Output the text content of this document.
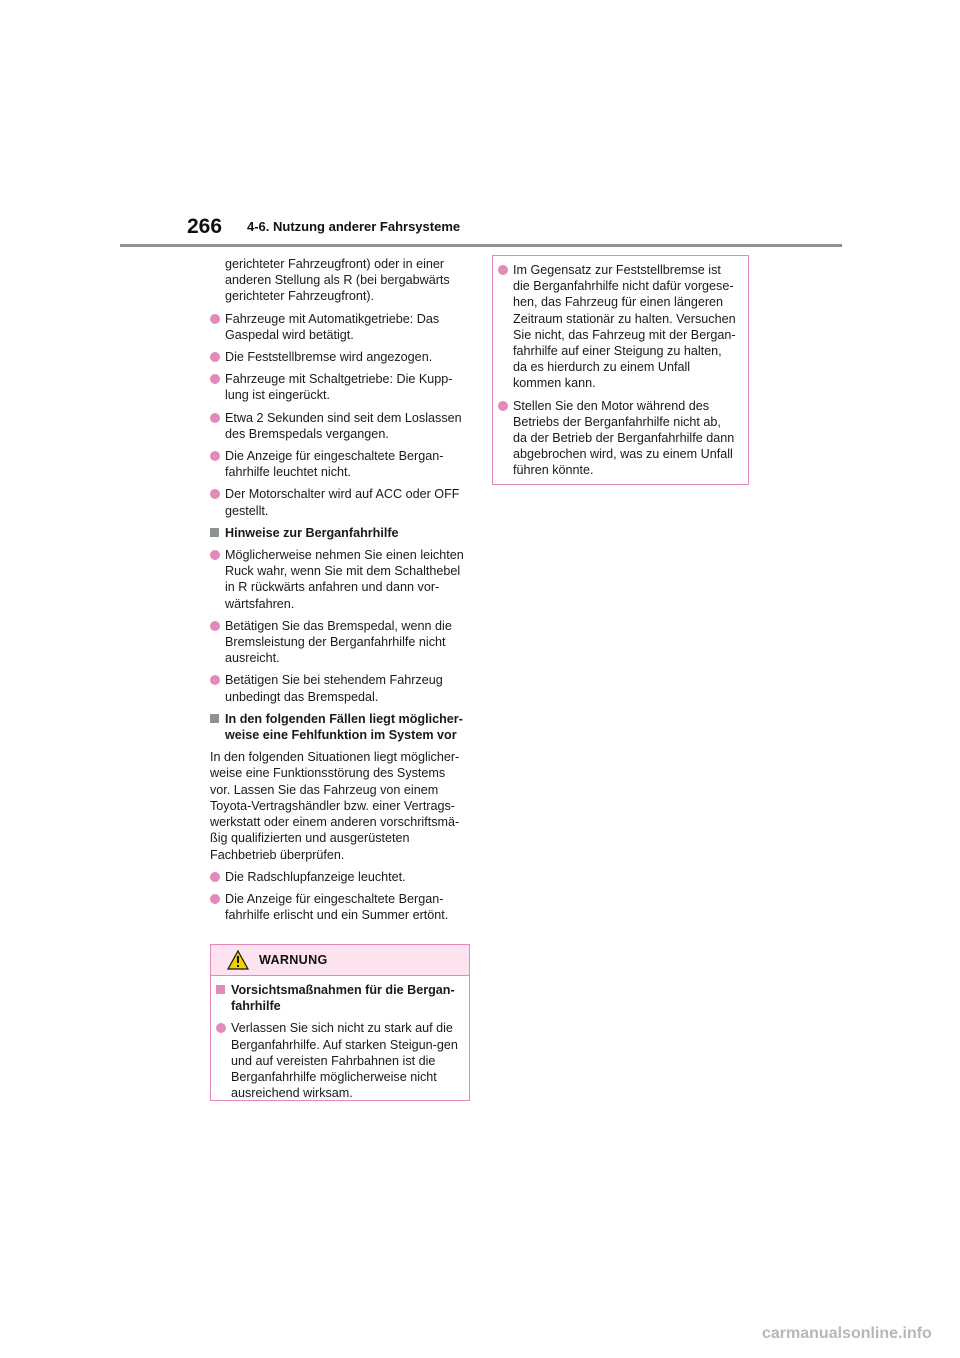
266 4-6. Nutzung anderer Fahrsysteme

gerichteter Fahrzeugfront) oder in einer anderen Stellung als R (bei bergabwärts gerichteter Fahrzeugfront).

Fahrzeuge mit Automatikgetriebe: Das Gaspedal wird betätigt.
Die Feststellbremse wird angezogen.
Fahrzeuge mit Schaltgetriebe: Die Kupp-lung ist eingerückt.
Etwa 2 Sekunden sind seit dem Loslassen des Bremspedals vergangen.
Die Anzeige für eingeschaltete Bergan-fahrhilfe leuchtet nicht.
Der Motorschalter wird auf ACC oder OFF gestellt.
Hinweise zur Berganfahrhilfe
Möglicherweise nehmen Sie einen leichten Ruck wahr, wenn Sie mit dem Schalthebel in R rückwärts anfahren und dann vor-wärtsfahren.
Betätigen Sie das Bremspedal, wenn die Bremsleistung der Berganfahrhilfe nicht ausreicht.
Betätigen Sie bei stehendem Fahrzeug unbedingt das Bremspedal.
In den folgenden Fällen liegt möglicher-weise eine Fehlfunktion im System vor

In den folgenden Situationen liegt möglicher-weise eine Funktionsstörung des Systems vor. Lassen Sie das Fahrzeug von einem Toyota-Vertragshändler bzw. einer Vertrags-werkstatt oder einem anderen vorschriftsmä-ßig qualifizierten und ausgerüsteten Fachbetrieb überprüfen.

Die Radschlupfanzeige leuchtet.
Die Anzeige für eingeschaltete Bergan-fahrhilfe erlischt und ein Summer ertönt.
WARNUNG
Vorsichtsmaßnahmen für die Bergan-fahrhilfe
Verlassen Sie sich nicht zu stark auf die Berganfahrhilfe. Auf starken Steigun-gen und auf vereisten Fahrbahnen ist die Berganfahrhilfe möglicherweise nicht ausreichend wirksam.
Im Gegensatz zur Feststellbremse ist die Berganfahrhilfe nicht dafür vorgese-hen, das Fahrzeug für einen längeren Zeitraum stationär zu halten. Versuchen Sie nicht, das Fahrzeug mit der Bergan-fahrhilfe auf einer Steigung zu halten, da es hierdurch zu einem Unfall kommen kann.
Stellen Sie den Motor während des Betriebs der Berganfahrhilfe nicht ab, da der Betrieb der Berganfahrhilfe dann abgebrochen wird, was zu einem Unfall führen könnte.
carmanualsonline.info
